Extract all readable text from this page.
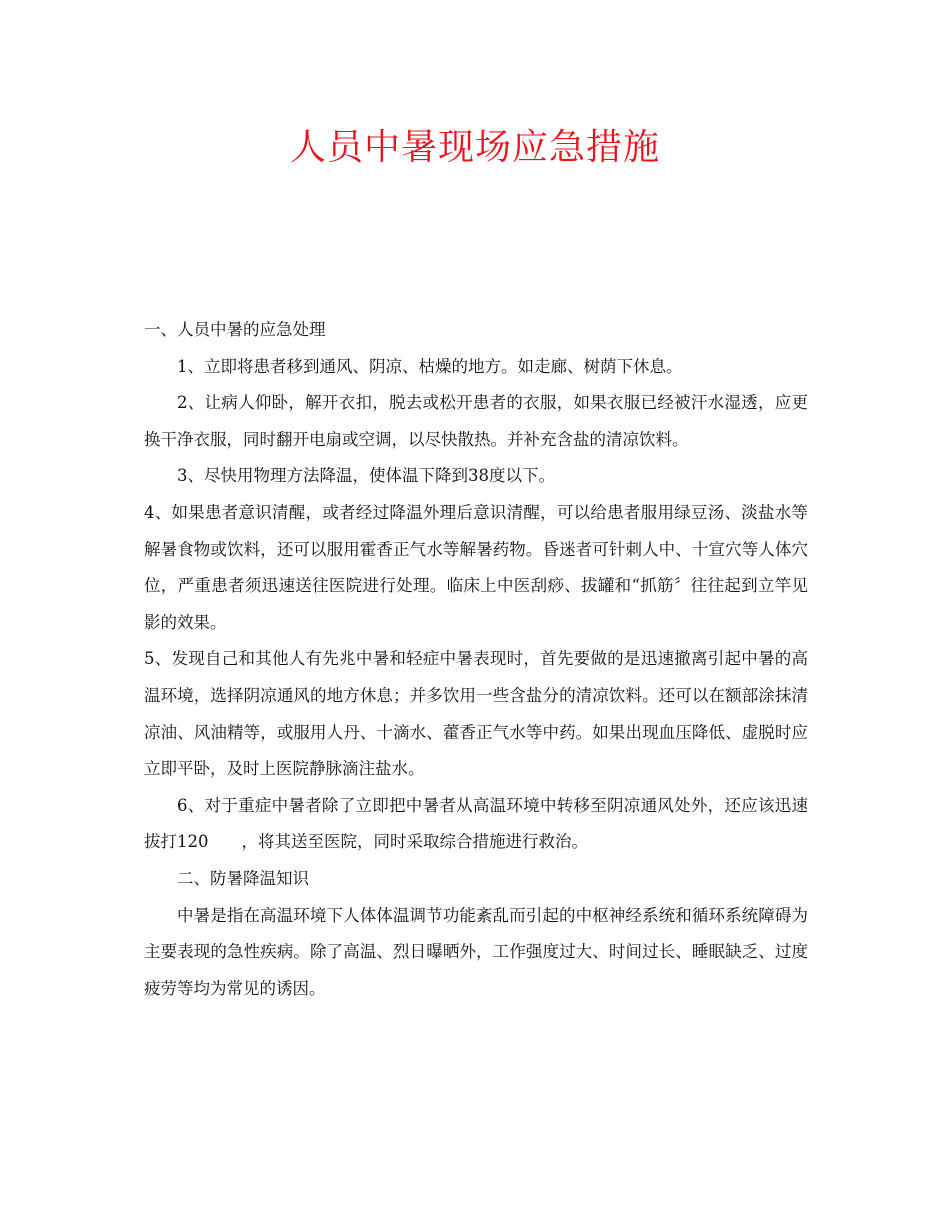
人员中暑现场应急措施

一、人员中暑的应急处理

1、立即将患者移到通风、阴凉、枯燥的地方。如走廊、树荫下休息。

2、让病人仰卧，解开衣扣，脱去或松开患者的衣服，如果衣服已经被汗水湿透，应更换干净衣服，同时翻开电扇或空调，以尽快散热。并补充含盐的清凉饮料。

3、尽快用物理方法降温，使体温下降到38度以下。

4、如果患者意识清醒，或者经过降温外理后意识清醒，可以给患者服用绿豆汤、淡盐水等解暑食物或饮料，还可以服用霍香正气水等解暑药物。昏迷者可针刺人中、十宣穴等人体穴位，严重患者须迅速送往医院进行处理。临床上中医刮痧、拔罐和“抓筋〞往往起到立竿见影的效果。

5、发现自己和其他人有先兆中暑和轻症中暑表现时，首先要做的是迅速撤离引起中暑的高温环境，选择阴凉通风的地方休息；并多饮用一些含盐分的清凉饮料。还可以在额部涂抹清凉油、风油精等，或服用人丹、十滴水、藿香正气水等中药。如果出现血压降低、虚脱时应立即平卧，及时上医院静脉滴注盐水。

6、对于重症中暑者除了立即把中暑者从高温环境中转移至阴凉通风处外，还应该迅速拔打120　　，将其送至医院，同时采取综合措施进行救治。

二、防暑降温知识

中暑是指在高温环境下人体体温调节功能紊乱而引起的中枢神经系统和循环系统障碍为主要表现的急性疾病。除了高温、烈日曝晒外，工作强度过大、时间过长、睡眠缺乏、过度疲劳等均为常见的诱因。
